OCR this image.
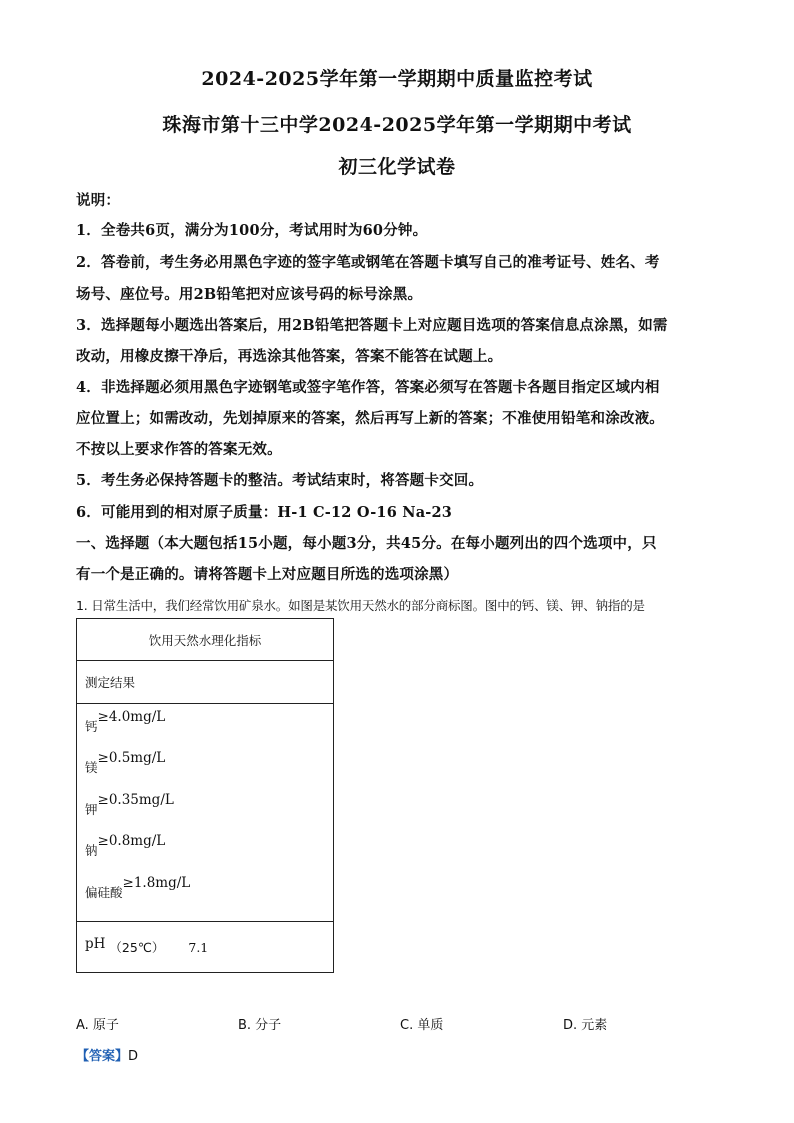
2024-2025学年第一学期期中质量监控考试
珠海市第十三中学2024-2025学年第一学期期中考试
初三化学试卷
说明：
1．全卷共6页，满分为100分，考试用时为60分钟。
2．答卷前，考生务必用黑色字迹的签字笔或钢笔在答题卡填写自己的准考证号、姓名、考
场号、座位号。用2B铅笔把对应该号码的标号涂黑。
3．选择题每小题选出答案后，用2B铅笔把答题卡上对应题目选项的答案信息点涂黑，如需
改动，用橡皮擦干净后，再选涂其他答案，答案不能答在试题上。
4．非选择题必须用黑色字迹钢笔或签字笔作答，答案必须写在答题卡各题目指定区域内相
应位置上；如需改动，先划掉原来的答案，然后再写上新的答案；不准使用铅笔和涂改液。
不按以上要求作答的答案无效。
5．考生务必保持答题卡的整洁。考试结束时，将答题卡交回。
6．可能用到的相对原子质量：H-1 C-12 O-16 Na-23
一、选择题（本大题包括15小题，每小题3分，共45分。在每小题列出的四个选项中，只
有一个是正确的。请将答题卡上对应题目所选的选项涂黑）
1. 日常生活中，我们经常饮用矿泉水。如图是某饮用天然水的部分商标图。图中的钙、镁、钾、钠指的是
饮用天然水理化指标
测定结果

钙≥4.0mg/L
镁≥0.5mg/L
钾≥0.35mg/L
钠≥0.8mg/L
偏硅酸≥1.8mg/L

pH （25℃） 7.1
A. 原子	B. 分子	C. 单质	D. 元素
【答案】D
